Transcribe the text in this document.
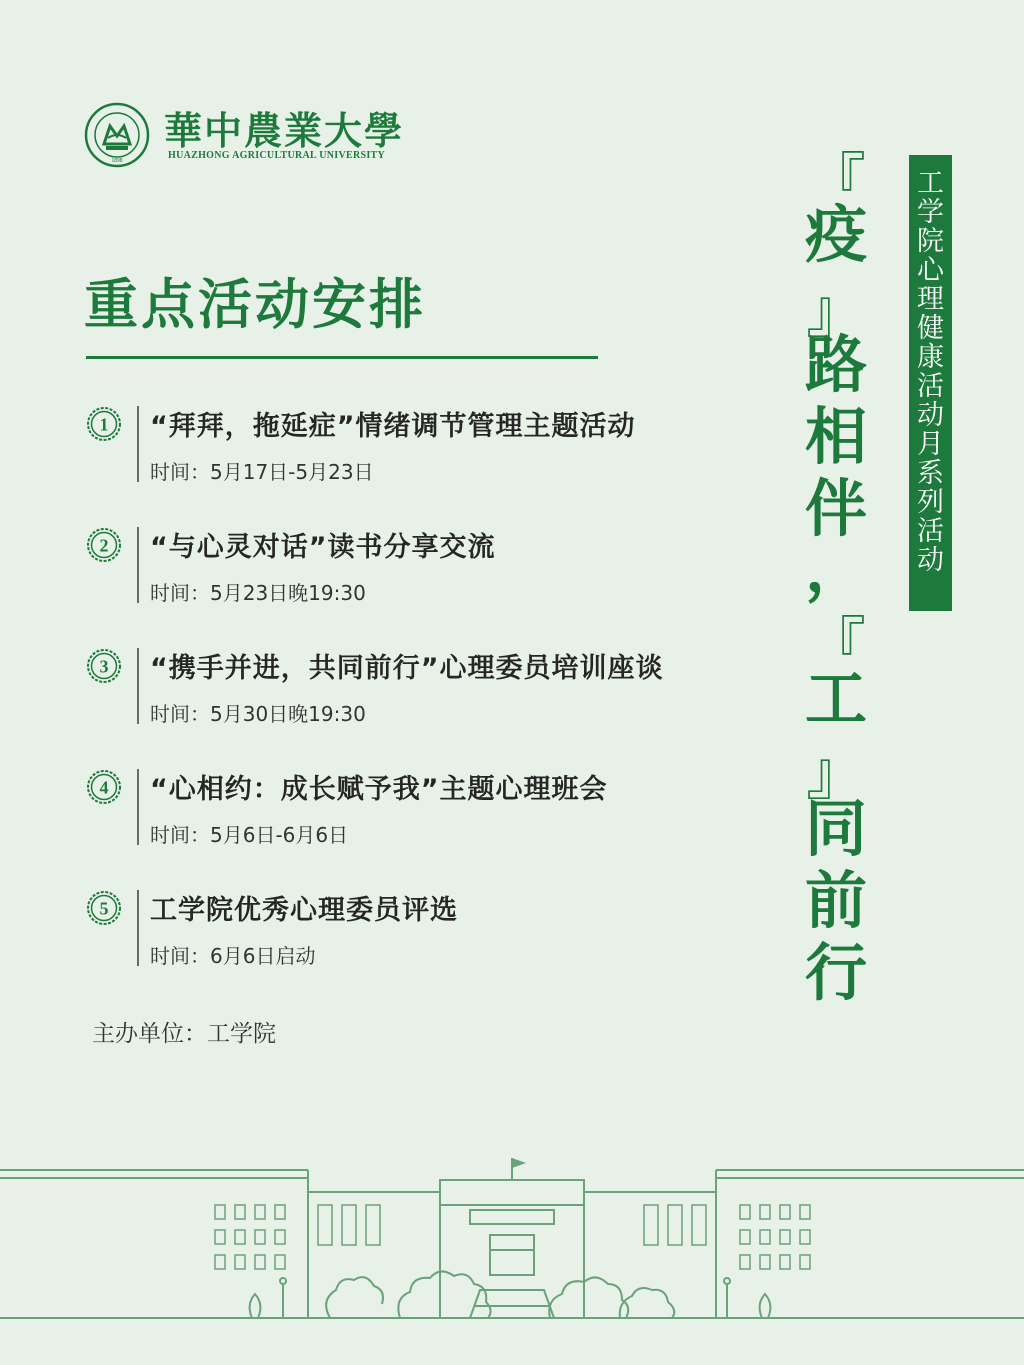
1898
華中農業大學
HUAZHONG AGRICULTURAL UNIVERSITY
重点活动安排
1 “拜拜，拖延症”情绪调节管理主题活动
时间：5月17日-5月23日
2 “与心灵对话”读书分享交流
时间：5月23日晚19:30
3 “携手并进，共同前行”心理委员培训座谈
时间：5月30日晚19:30
4 “心相约：成长赋予我”主题心理班会
时间：5月6日-6月6日
5 工学院优秀心理委员评选
时间：6月6日启动
主办单位：工学院
『
疫
』
路
相
伴
，
『
工
』
同
前
行
工学院心理健康活动月系列活动
